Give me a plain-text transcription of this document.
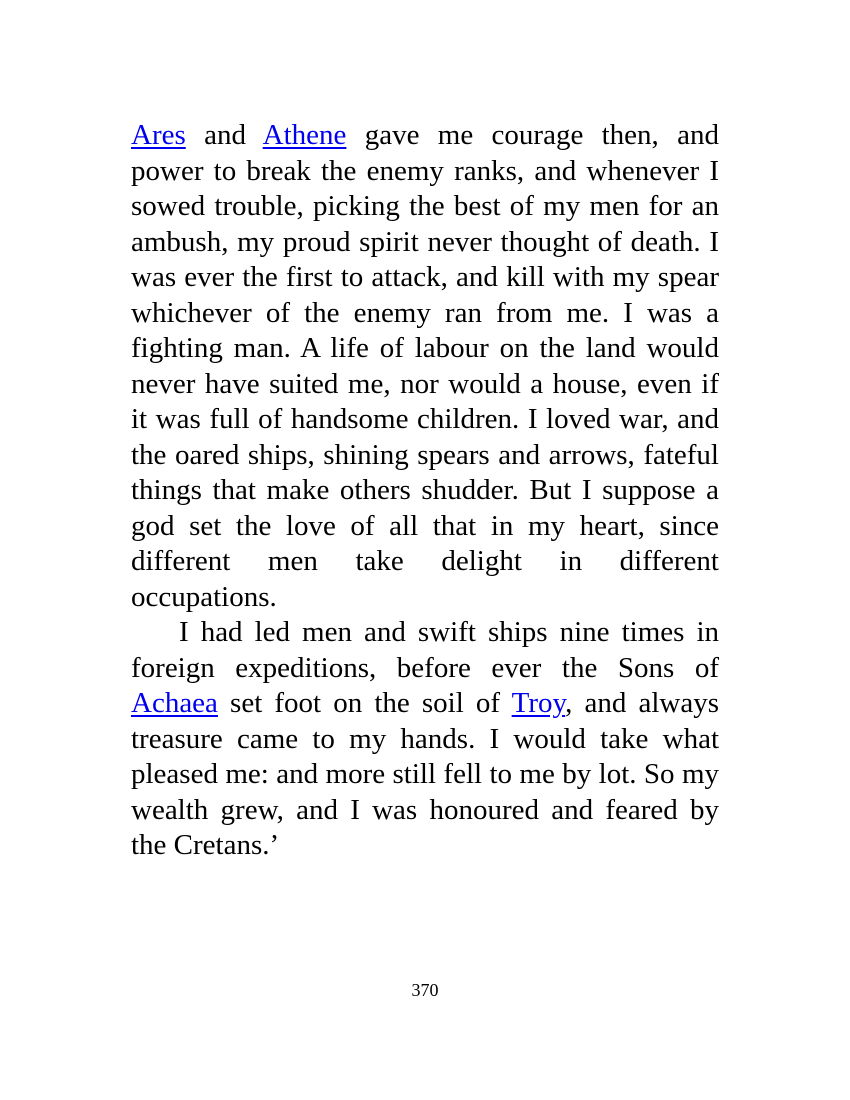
Ares and Athene gave me courage then, and power to break the enemy ranks, and whenever I sowed trouble, picking the best of my men for an ambush, my proud spirit never thought of death. I was ever the first to attack, and kill with my spear whichever of the enemy ran from me. I was a fighting man. A life of labour on the land would never have suited me, nor would a house, even if it was full of handsome children. I loved war, and the oared ships, shining spears and arrows, fateful things that make others shudder. But I suppose a god set the love of all that in my heart, since different men take delight in different occupations.

I had led men and swift ships nine times in foreign expeditions, before ever the Sons of Achaea set foot on the soil of Troy, and always treasure came to my hands. I would take what pleased me: and more still fell to me by lot. So my wealth grew, and I was honoured and feared by the Cretans.’

370
